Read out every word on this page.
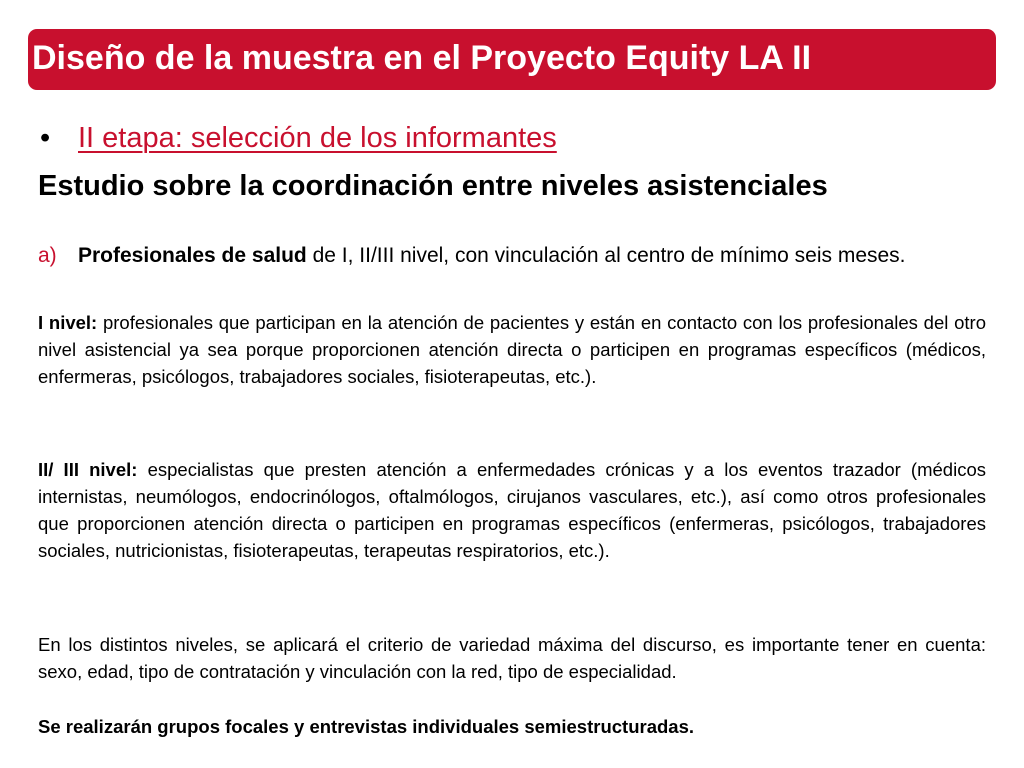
Diseño de la muestra en el Proyecto Equity LA II
• II etapa: selección de los informantes
Estudio sobre la coordinación entre niveles asistenciales
a) Profesionales de salud de I, II/III nivel, con vinculación al centro de mínimo seis meses.
I nivel: profesionales que participan en la atención de pacientes y están en contacto con los profesionales del otro nivel asistencial ya sea porque proporcionen atención directa o participen en programas específicos (médicos, enfermeras, psicólogos, trabajadores sociales, fisioterapeutas, etc.).
II/ III nivel: especialistas que presten atención a enfermedades crónicas y a los eventos trazador (médicos internistas, neumólogos, endocrinólogos, oftalmólogos, cirujanos vasculares, etc.), así como otros profesionales que proporcionen atención directa o participen en programas específicos (enfermeras, psicólogos, trabajadores sociales, nutricionistas, fisioterapeutas, terapeutas respiratorios, etc.).
En los distintos niveles, se aplicará el criterio de variedad máxima del discurso, es importante tener en cuenta: sexo, edad, tipo de contratación y vinculación con la red, tipo de especialidad.
Se realizarán grupos focales y entrevistas individuales semiestructuradas.
